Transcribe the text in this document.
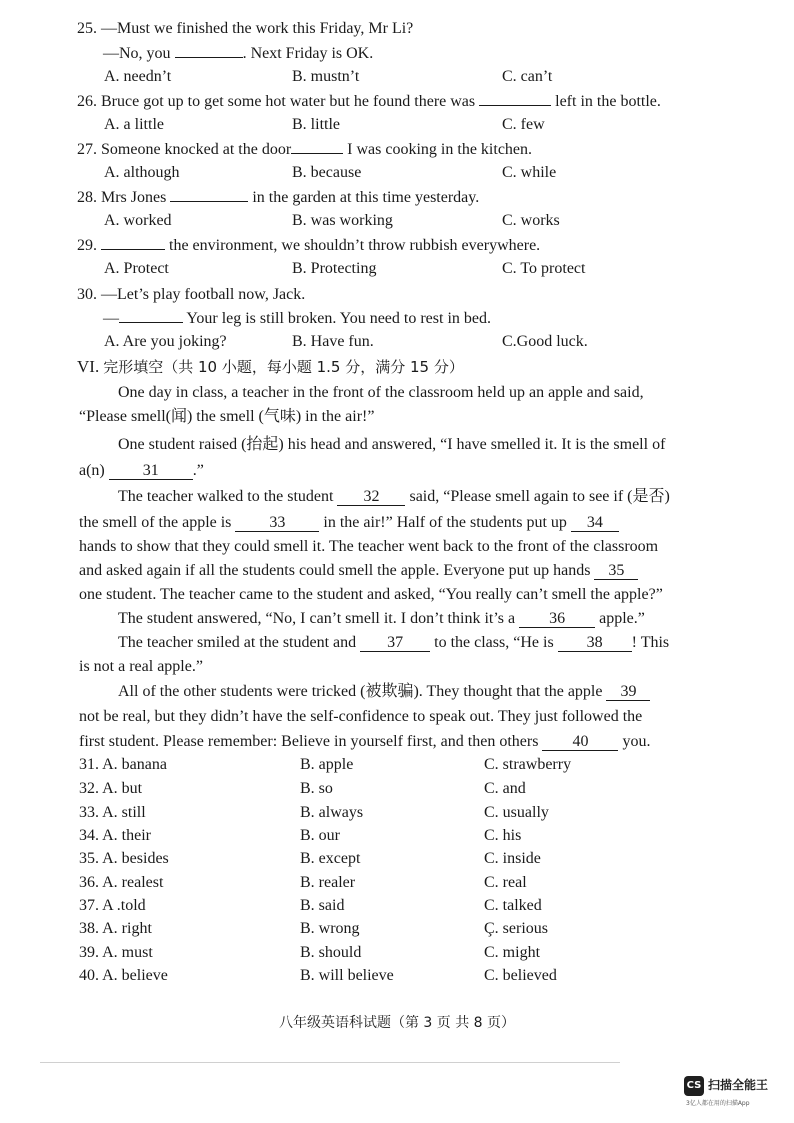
25. —Must we finished the work this Friday, Mr Li?
—No, you	. Next Friday is OK.
A. needn’t	B. mustn’t	C. can’t
26. Bruce got up to get some hot water but he found there was	left in the bottle.
A. a little	B. little	C. few
27. Someone knocked at the door	I was cooking in the kitchen.
A. although	B. because	C. while
28. Mrs Jones	in the garden at this time yesterday.
A. worked	B. was working	C. works
29.	the environment, we shouldn’t throw rubbish everywhere.
A. Protect	B. Protecting	C. To protect
30. —Let’s play football now, Jack.
—	Your leg is still broken. You need to rest in bed.
A. Are you joking?	B. Have fun.	C.Good luck.
VI. 完形填空（共 10 小题，每小题 1.5 分，满分 15 分）
One day in class, a teacher in the front of the classroom held up an apple and said,
“Please smell(闻) the smell (气味) in the air!”
One student raised (抬起) his head and answered, “I have smelled it. It is the smell of
a(n) 31 .”
The teacher walked to the student 32 said, “Please smell again to see if (是否)
the smell of the apple is 33 in the air!” Half of the students put up 34
hands to show that they could smell it. The teacher went back to the front of the classroom
and asked again if all the students could smell the apple. Everyone put up hands 35
one student. The teacher came to the student and asked, “You really can’t smell the apple?”
The student answered, “No, I can’t smell it. I don’t think it’s a 36 apple.”
The teacher smiled at the student and 37 to the class, “He is 38 ! This
is not a real apple.”
All of the other students were tricked (被欺骗). They thought that the apple 39
not be real, but they didn’t have the self-confidence to speak out. They just followed the
first student. Please remember: Believe in yourself first, and then others 40 you.
31. A. banana	B. apple	C. strawberry
32. A. but	B. so	C. and
33. A. still	B. always	C. usually
34. A. their	B. our	C. his
35. A. besides	B. except	C. inside
36. A. realest	B. realer	C. real
37. A .told	B. said	C. talked
38. A. right	B. wrong	Ç. serious
39. A. must	B. should	C. might
40. A. believe	B. will believe	C. believed
八年级英语科试题（第 3 页 共 8 页）
CS 扫描全能王
3亿人都在用的扫描App
